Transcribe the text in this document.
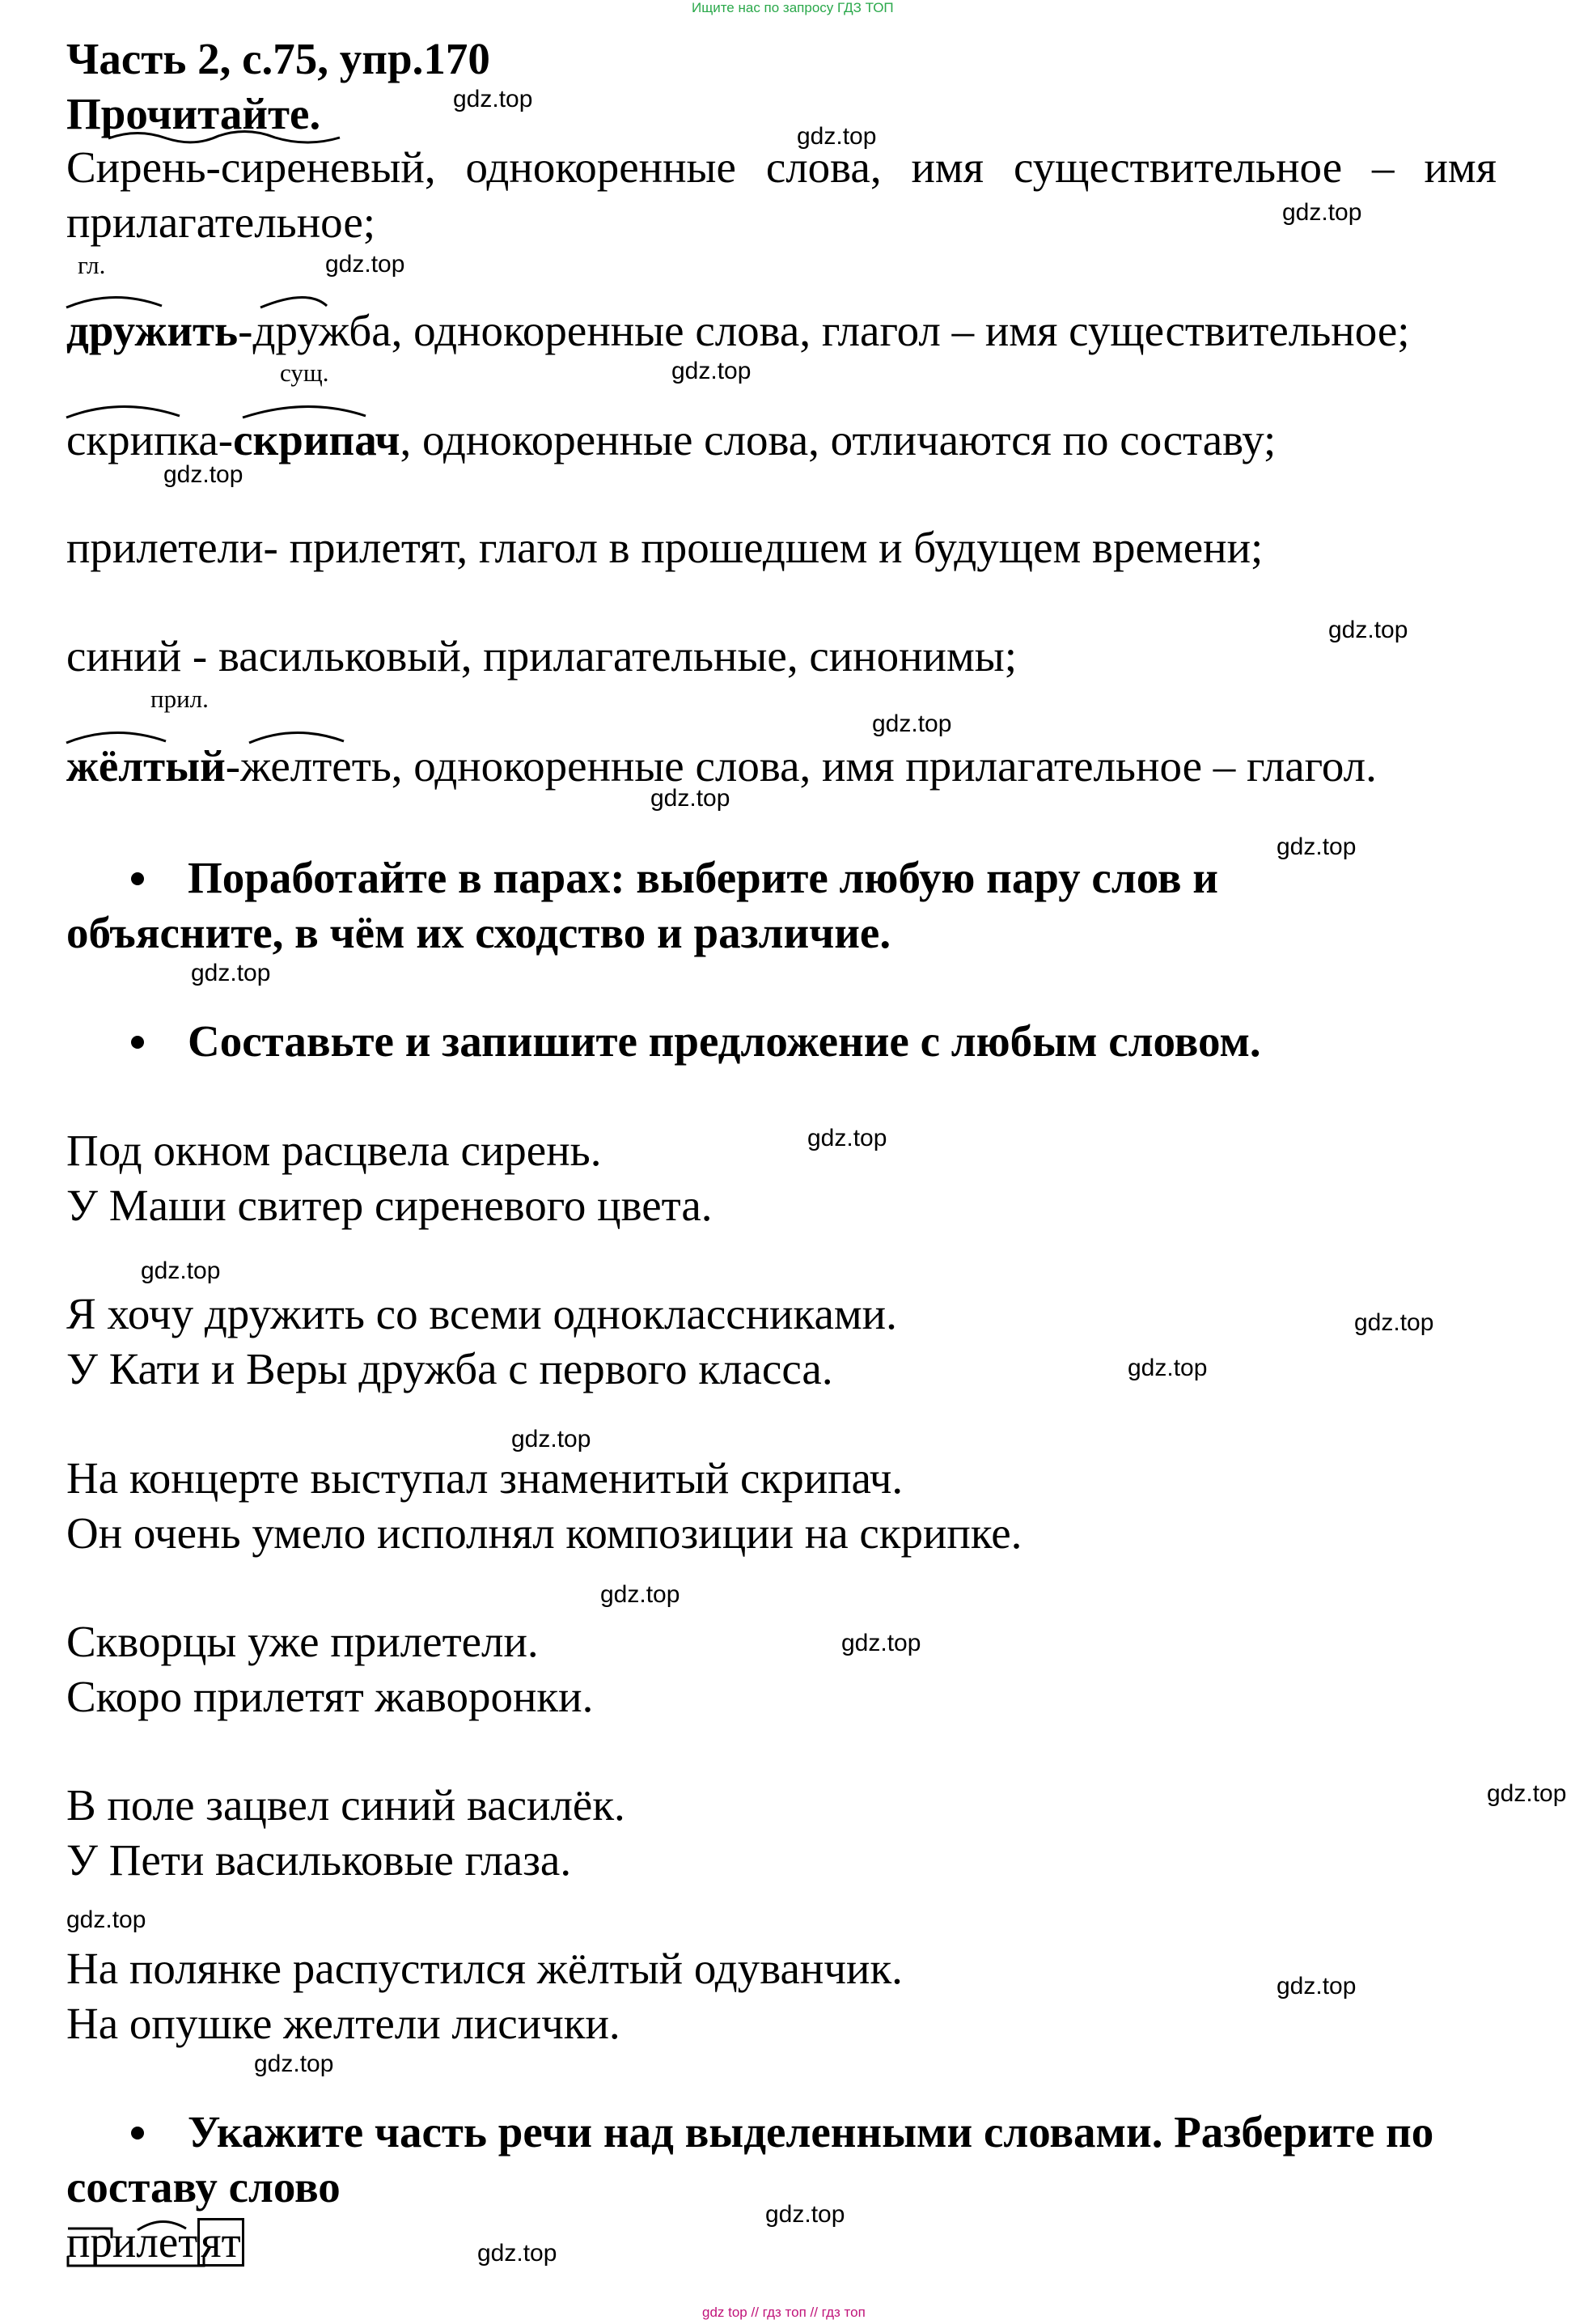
Ищите нас по запросу ГДЗ ТОП
Часть 2, с.75, упр.170
Прочитайте.
Сирень-сиреневый, однокоренные слова, имя существительное – имя
прилагательное;
гл.
дружить-дружба, однокоренные слова, глагол – имя существительное;
сущ.
скрипка-скрипач, однокоренные слова, отличаются по составу;
прилетели- прилетят, глагол в прошедшем и будущем времени;
синий - васильковый, прилагательные, синонимы;
прил.
жёлтый-желтеть, однокоренные слова, имя прилагательное – глагол.
Поработайте в парах: выберите любую пару слов и
объясните, в чём их сходство и различие.
Составьте и запишите предложение с любым словом.
Под окном расцвела сирень.
У Маши свитер сиреневого цвета.
Я хочу дружить со всеми одноклассниками.
У Кати и Веры дружба с первого класса.
На концерте выступал знаменитый скрипач.
Он очень умело исполнял композиции на скрипке.
Скворцы уже прилетели.
Скоро прилетят жаворонки.
В поле зацвел синий василёк.
У Пети васильковые глаза.
На полянке распустился жёлтый одуванчик.
На опушке желтели лисички.
Укажите часть речи над выделенными словами. Разберите по
составу слово
прилетят
gdz.top
gdz.top
gdz.top
gdz.top
gdz.top
gdz.top
gdz.top
gdz.top
gdz.top
gdz.top
gdz.top
gdz.top
gdz.top
gdz.top
gdz.top
gdz.top
gdz.top
gdz.top
gdz.top
gdz.top
gdz.top
gdz.top
gdz.top
gdz.top
gdz top // гдз топ // гдз топ
